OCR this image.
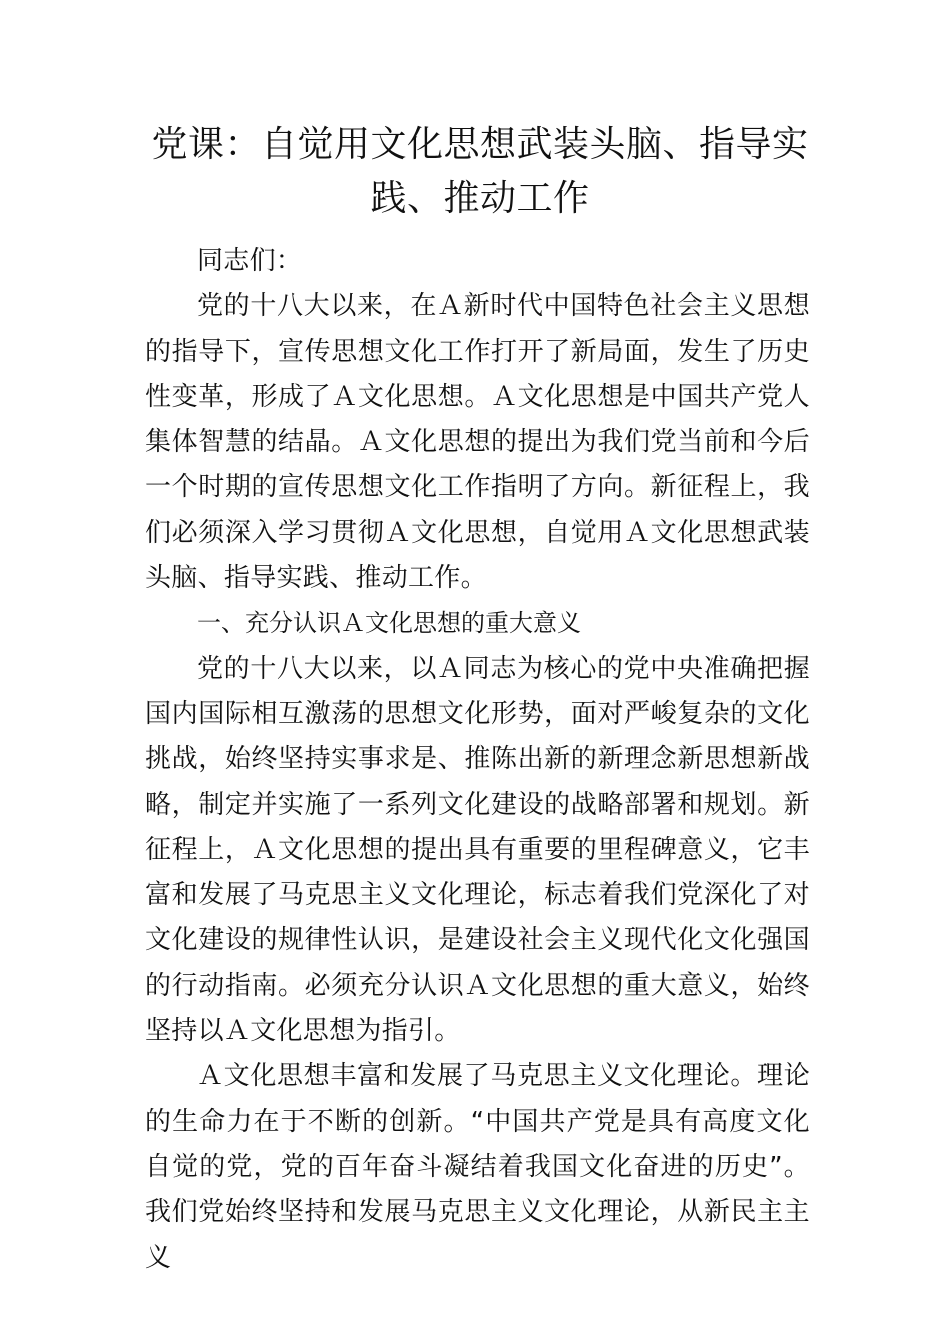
党课：自觉用文化思想武装头脑、指导实践、推动工作

同志们：

党的十八大以来，在Ａ新时代中国特色社会主义思想的指导下，宣传思想文化工作打开了新局面，发生了历史性变革，形成了Ａ文化思想。Ａ文化思想是中国共产党人集体智慧的结晶。Ａ文化思想的提出为我们党当前和今后一个时期的宣传思想文化工作指明了方向。新征程上，我们必须深入学习贯彻Ａ文化思想，自觉用Ａ文化思想武装头脑、指导实践、推动工作。

一、充分认识Ａ文化思想的重大意义

党的十八大以来，以Ａ同志为核心的党中央准确把握国内国际相互激荡的思想文化形势，面对严峻复杂的文化挑战，始终坚持实事求是、推陈出新的新理念新思想新战略，制定并实施了一系列文化建设的战略部署和规划。新征程上，Ａ文化思想的提出具有重要的里程碑意义，它丰富和发展了马克思主义文化理论，标志着我们党深化了对文化建设的规律性认识，是建设社会主义现代化文化强国的行动指南。必须充分认识Ａ文化思想的重大意义，始终坚持以Ａ文化思想为指引。

Ａ文化思想丰富和发展了马克思主义文化理论。理论的生命力在于不断的创新。“中国共产党是具有高度文化自觉的党，党的百年奋斗凝结着我国文化奋进的历史”。我们党始终坚持和发展马克思主义文化理论，从新民主主义
